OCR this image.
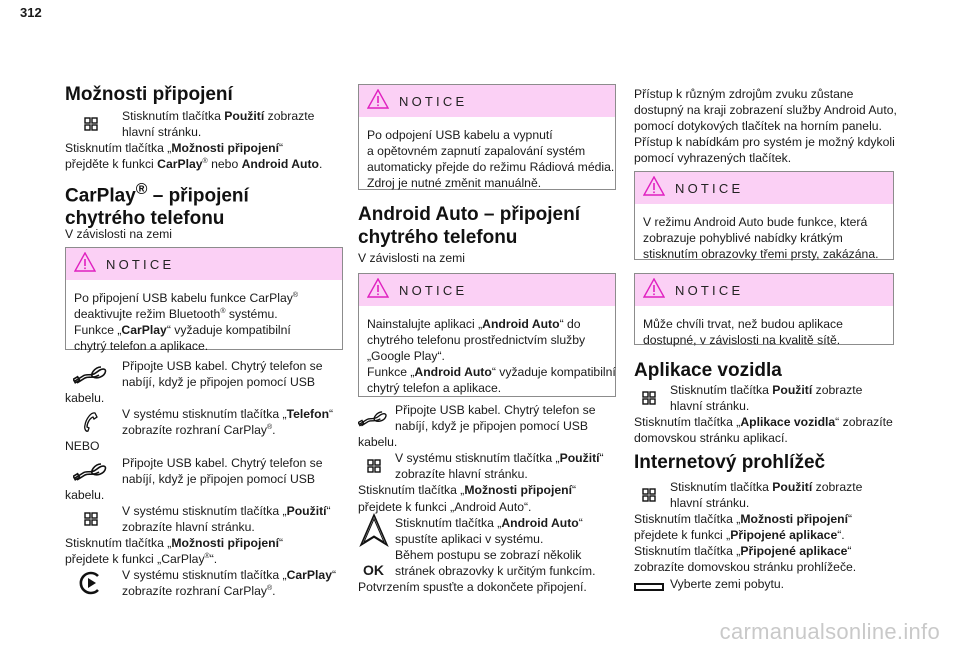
312
Možnosti připojení
Stisknutím tlačítka Použití zobrazte
hlavní stránku.
Stisknutím tlačítka „Možnosti připojení“
přejděte k funkci CarPlay® nebo Android Auto.
CarPlay® – připojení
chytrého telefonu
V závislosti na zemi
NOTICE
Po připojení USB kabelu funkce CarPlay®
deaktivujte režim Bluetooth® systému.
Funkce „CarPlay“ vyžaduje kompatibilní
chytrý telefon a aplikace.
Připojte USB kabel. Chytrý telefon se
nabíjí, když je připojen pomocí USB
kabelu.
V systému stisknutím tlačítka „Telefon“
zobrazíte rozhraní CarPlay®.
NEBO
Připojte USB kabel. Chytrý telefon se
nabíjí, když je připojen pomocí USB
kabelu.
V systému stisknutím tlačítka „Použití“
zobrazíte hlavní stránku.
Stisknutím tlačítka „Možnosti připojení“
přejdete k funkci „CarPlay®“.
V systému stisknutím tlačítka „CarPlay“
zobrazíte rozhraní CarPlay®.
NOTICE
Po odpojení USB kabelu a vypnutí
a opětovném zapnutí zapalování systém
automaticky přejde do režimu Rádiová média.
Zdroj je nutné změnit manuálně.
Android Auto – připojení
chytrého telefonu
V závislosti na zemi
NOTICE
Nainstalujte aplikaci „Android Auto“ do
chytrého telefonu prostřednictvím služby
„Google Play“.
Funkce „Android Auto“ vyžaduje kompatibilní
chytrý telefon a aplikace.
Připojte USB kabel. Chytrý telefon se
nabíjí, když je připojen pomocí USB
kabelu.
V systému stisknutím tlačítka „Použití“
zobrazíte hlavní stránku.
Stisknutím tlačítka „Možnosti připojení“
přejdete k funkci „Android Auto“.
Stisknutím tlačítka „Android Auto“
spustíte aplikaci v systému.
OK
Během postupu se zobrazí několik
stránek obrazovky k určitým funkcím.
Potvrzením spusťte a dokončete připojení.
Přístup k různým zdrojům zvuku zůstane
dostupný na kraji zobrazení služby Android Auto,
pomocí dotykových tlačítek na horním panelu.
Přístup k nabídkám pro systém je možný kdykoli
pomocí vyhrazených tlačítek.
NOTICE
V režimu Android Auto bude funkce, která
zobrazuje pohyblivé nabídky krátkým
stisknutím obrazovky třemi prsty, zakázána.
NOTICE
Může chvíli trvat, než budou aplikace
dostupné, v závislosti na kvalitě sítě.
Aplikace vozidla
Stisknutím tlačítka Použití zobrazte
hlavní stránku.
Stisknutím tlačítka „Aplikace vozidla“ zobrazíte
domovskou stránku aplikací.
Internetový prohlížeč
Stisknutím tlačítka Použití zobrazte
hlavní stránku.
Stisknutím tlačítka „Možnosti připojení“
přejdete k funkci „Připojené aplikace“.
Stisknutím tlačítka „Připojené aplikace“
zobrazíte domovskou stránku prohlížeče.
Vyberte zemi pobytu.
carmanualsonline.info
